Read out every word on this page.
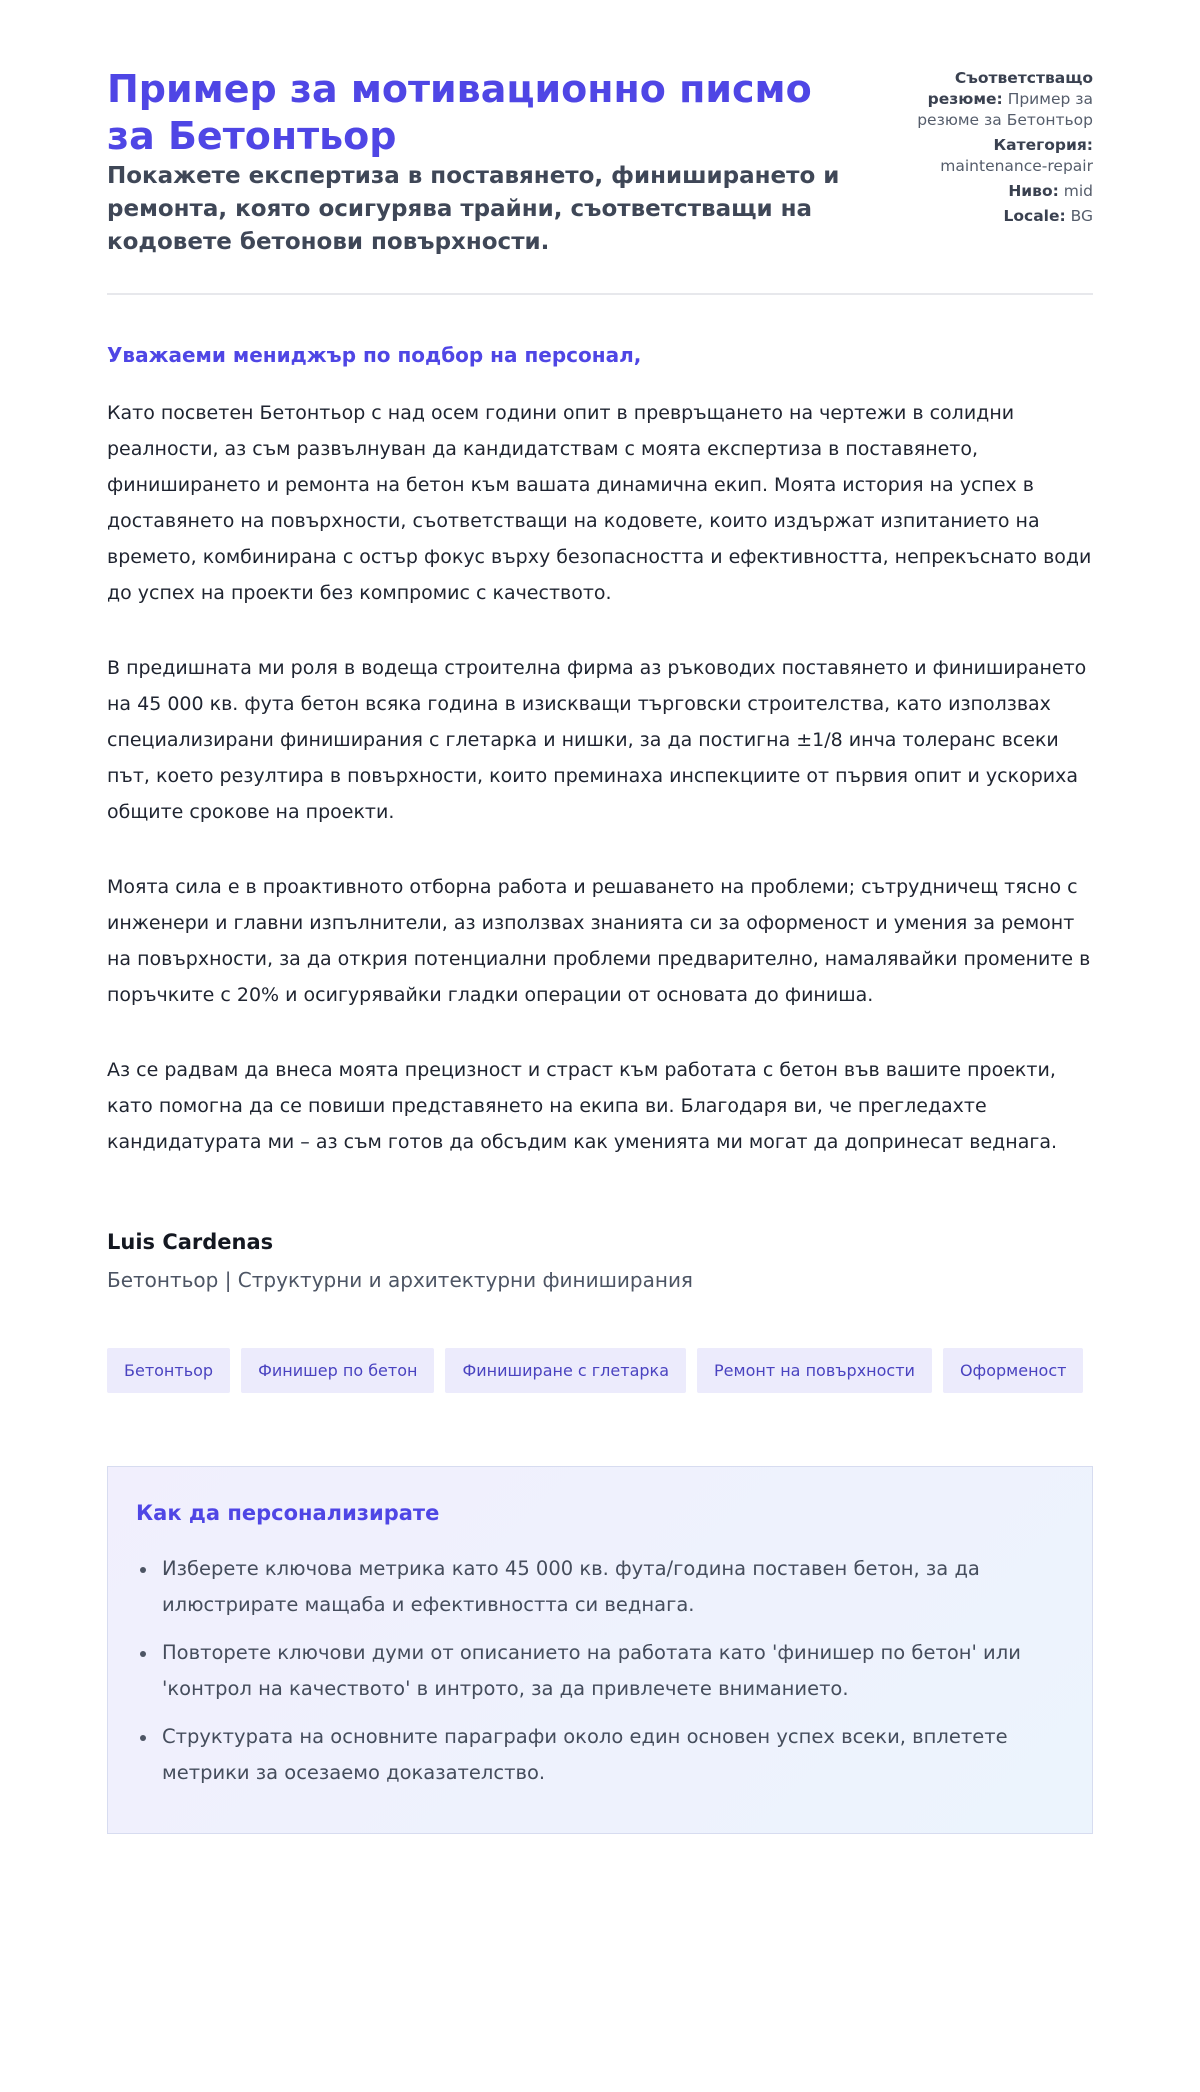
Пример за мотивационно писмо за Бетонтьор
Покажете експертиза в поставянето, финиширането и ремонта, която осигурява трайни, съответстващи на кодовете бетонови повърхности.
Съответстващо резюме: Пример за резюме за Бетонтьор
Категория: maintenance-repair
Ниво: mid
Locale: BG
Уважаеми мениджър по подбор на персонал,

Като посветен Бетонтьор с над осем години опит в превръщането на чертежи в солидни реалности, аз съм развълнуван да кандидатствам с моята експертиза в поставянето, финиширането и ремонта на бетон към вашата динамична екип. Моята история на успех в доставянето на повърхности, съответстващи на кодовете, които издържат изпитанието на времето, комбинирана с остър фокус върху безопасността и ефективността, непрекъснато води до успех на проекти без компромис с качеството.

В предишната ми роля в водеща строителна фирма аз ръководих поставянето и финиширането на 45 000 кв. фута бетон всяка година в изискващи търговски строителства, като използвах специализирани финиширания с глетарка и нишки, за да постигна ±1/8 инча толеранс всеки път, което резултира в повърхности, които преминаха инспекциите от първия опит и ускориха общите срокове на проекти.

Моята сила е в проактивното отборна работа и решаването на проблеми; сътрудничещ тясно с инженери и главни изпълнители, аз използвах знанията си за оформеност и умения за ремонт на повърхности, за да открия потенциални проблеми предварително, намалявайки промените в поръчките с 20% и осигурявайки гладки операции от основата до финиша.

Аз се радвам да внеса моята прецизност и страст към работата с бетон във вашите проекти, като помогна да се повиши представянето на екипа ви. Благодаря ви, че прегледахте кандидатурата ми – аз съм готов да обсъдим как уменията ми могат да допринесат веднага.

Luis Cardenas
Бетонтьор | Структурни и архитектурни финиширания
Бетонтьор	Финишер по бетон	Финиширане с глетарка	Ремонт на повърхности	Оформеност
Как да персонализирате
Изберете ключова метрика като 45 000 кв. фута/година поставен бетон, за да илюстрирате мащаба и ефективността си веднага.
Повторете ключови думи от описанието на работата като 'финишер по бетон' или 'контрол на качеството' в интрото, за да привлечете вниманието.
Структурата на основните параграфи около един основен успех всеки, вплетете метрики за осезаемо доказателство.
